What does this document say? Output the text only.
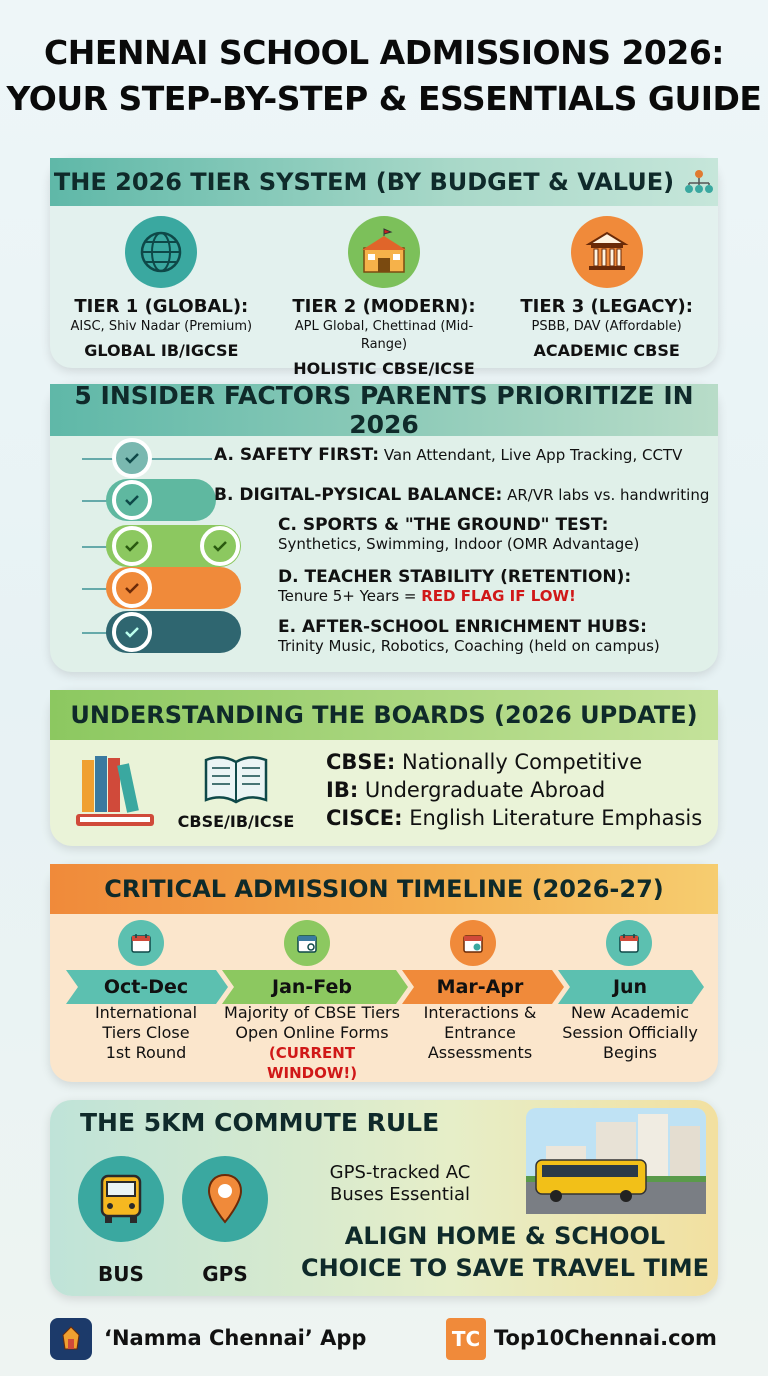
CHENNAI SCHOOL ADMISSIONS 2026:
YOUR STEP-BY-STEP & ESSENTIALS GUIDE
THE 2026 TIER SYSTEM (BY BUDGET & VALUE)
TIER 1 (GLOBAL):
AISC, Shiv Nadar (Premium)
GLOBAL IB/IGCSE
TIER 2 (MODERN):
APL Global, Chettinad (Mid-Range)
HOLISTIC CBSE/ICSE
TIER 3 (LEGACY):
PSBB, DAV (Affordable)
ACADEMIC CBSE
5 INSIDER FACTORS PARENTS PRIORITIZE IN 2026
A. SAFETY FIRST: Van Attendant, Live App Tracking, CCTV
B. DIGITAL-PYSICAL BALANCE: AR/VR labs vs. handwriting
C. SPORTS & "THE GROUND" TEST:
Synthetics, Swimming, Indoor (OMR Advantage)
D. TEACHER STABILITY (RETENTION):
Tenure 5+ Years = RED FLAG IF LOW!
E. AFTER-SCHOOL ENRICHMENT HUBS:
Trinity Music, Robotics, Coaching (held on campus)
UNDERSTANDING THE BOARDS (2026 UPDATE)
CBSE/IB/ICSE
CBSE: Nationally Competitive
IB: Undergraduate Abroad
CISCE: English Literature Emphasis
CRITICAL ADMISSION TIMELINE (2026-27)
Oct-Dec
International
Tiers Close
1st Round
Jan-Feb
Majority of CBSE Tiers
Open Online Forms
(CURRENT WINDOW!)
Mar-Apr
Interactions &
Entrance
Assessments
Jun
New Academic
Session Officially
Begins
THE 5KM COMMUTE RULE
BUS	GPS
GPS-tracked AC
Buses Essential
ALIGN HOME & SCHOOL
CHOICE TO SAVE TRAVEL TIME
‘Namma Chennai’ App	TC Top10Chennai.com
